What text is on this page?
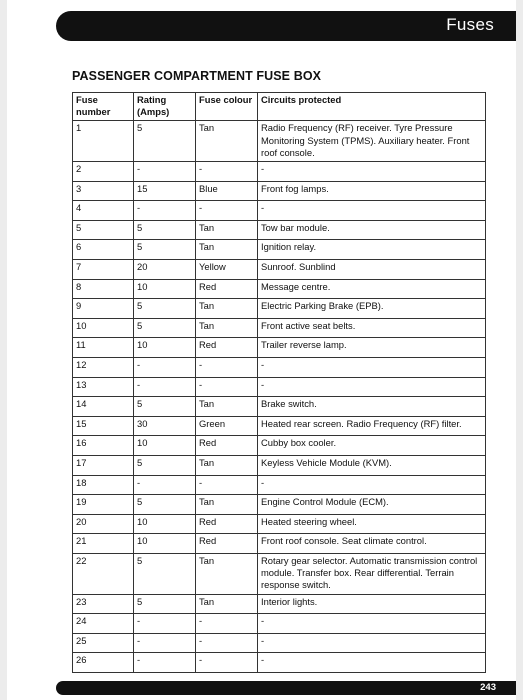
Fuses
PASSENGER COMPARTMENT FUSE BOX
Fuse number	Rating (Amps)	Fuse colour	Circuits protected
1	5	Tan	Radio Frequency (RF) receiver. Tyre Pressure Monitoring System (TPMS). Auxiliary heater. Front roof console.
2	-	-	-
3	15	Blue	Front fog lamps.
4	-	-	-
5	5	Tan	Tow bar module.
6	5	Tan	Ignition relay.
7	20	Yellow	Sunroof. Sunblind
8	10	Red	Message centre.
9	5	Tan	Electric Parking Brake (EPB).
10	5	Tan	Front active seat belts.
11	10	Red	Trailer reverse lamp.
12	-	-	-
13	-	-	-
14	5	Tan	Brake switch.
15	30	Green	Heated rear screen. Radio Frequency (RF) filter.
16	10	Red	Cubby box cooler.
17	5	Tan	Keyless Vehicle Module (KVM).
18	-	-	-
19	5	Tan	Engine Control Module (ECM).
20	10	Red	Heated steering wheel.
21	10	Red	Front roof console. Seat climate control.
22	5	Tan	Rotary gear selector. Automatic transmission control module. Transfer box. Rear differential. Terrain response switch.
23	5	Tan	Interior lights.
24	-	-	-
25	-	-	-
26	-	-	-
243
